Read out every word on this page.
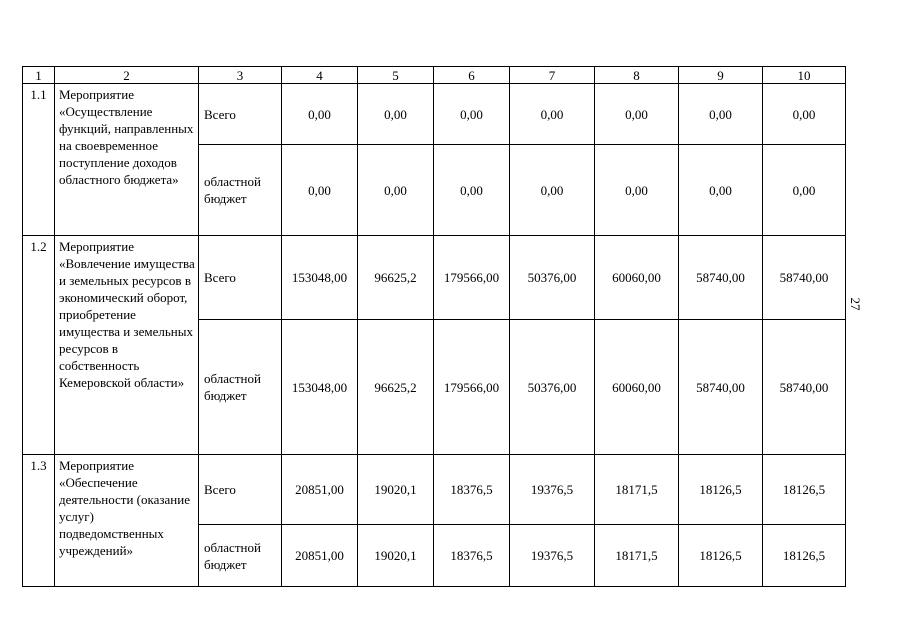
1	2	3	4	5	6	7	8	9	10
1.1	Мероприятие «Осуществление функций, направленных на своевременное поступление доходов областного бюджета»	Всего	0,00	0,00	0,00	0,00	0,00	0,00	0,00
		областной бюджет	0,00	0,00	0,00	0,00	0,00	0,00	0,00
1.2	Мероприятие «Вовлечение имущества и земельных ресурсов в экономический оборот, приобретение имущества и земельных ресурсов в собственность Кемеровской области»	Всего	153048,00	96625,2	179566,00	50376,00	60060,00	58740,00	58740,00
		областной бюджет	153048,00	96625,2	179566,00	50376,00	60060,00	58740,00	58740,00
1.3	Мероприятие «Обеспечение деятельности (оказание услуг) подведомственных учреждений»	Всего	20851,00	19020,1	18376,5	19376,5	18171,5	18126,5	18126,5
		областной бюджет	20851,00	19020,1	18376,5	19376,5	18171,5	18126,5	18126,5
27
